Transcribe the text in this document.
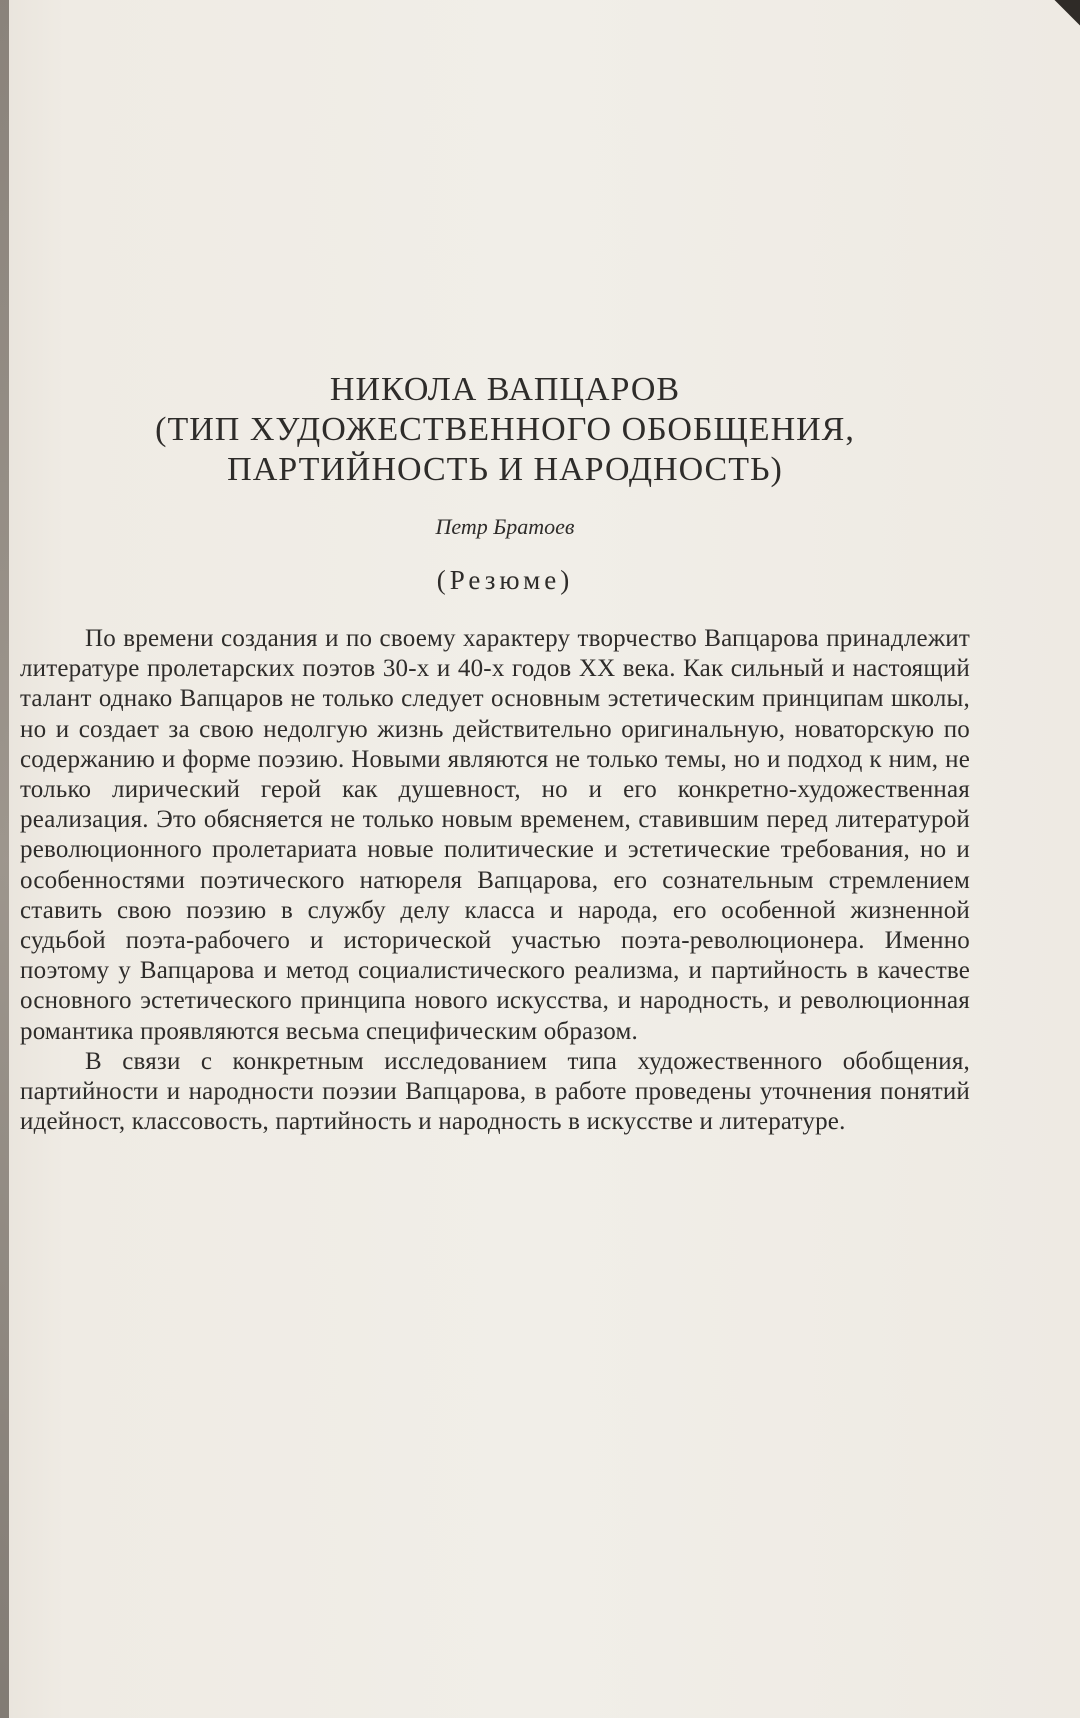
НИКОЛА ВАПЦАРОВ
(ТИП ХУДОЖЕСТВЕННОГО ОБОБЩЕНИЯ,
ПАРТИЙНОСТЬ И НАРОДНОСТЬ)
Петр Братоев
(Резюме)

По времени создания и по своему характеру творчество Вапцарова принадлежит литературе пролетарских поэтов 30-х и 40-х годов XX века. Как сильный и настоящий талант однако Вапцаров не только следует основным эстетическим принципам школы, но и создает за свою недолгую жизнь действительно оригинальную, новаторскую по содержанию и форме поэзию. Новыми являются не только темы, но и подход к ним, не только лирический герой как душевност, но и его конкретно-художественная реализация. Это обясняется не только новым временем, ставившим перед литературой революционного пролетариата новые политические и эстетические требования, но и особенностями поэтического натюреля Вапцарова, его сознательным стремлением ставить свою поэзию в службу делу класса и народа, его особенной жизненной судьбой поэта-рабочего и исторической участью поэта-революционера. Именно поэтому у Вапцарова и метод социалистического реализма, и партийность в качестве основного эстетического принципа нового искусства, и народность, и революционная романтика проявляются весьма специфическим образом.

В связи с конкретным исследованием типа художественного обобщения, партийности и народности поэзии Вапцарова, в работе проведены уточнения понятий идейност, классовость, партийность и народность в искусстве и литературе.
